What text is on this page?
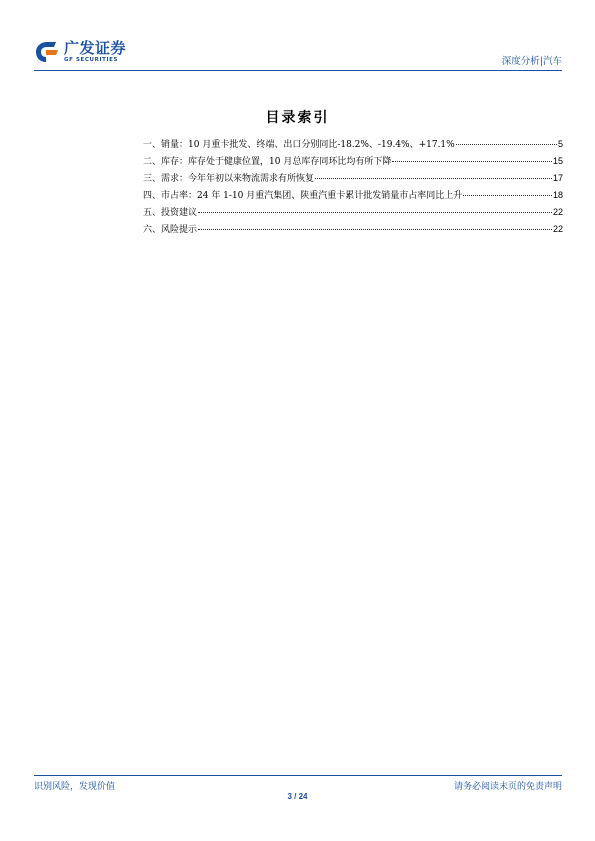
广发证券
GF SECURITIES	深度分析|汽车
目录索引
一、销量：10 月重卡批发、终端、出口分别同比-18.2%、-19.4%、+17.1%	5
二、库存：库存处于健康位置，10 月总库存同环比均有所下降	15
三、需求：今年年初以来物流需求有所恢复	17
四、市占率：24 年 1-10 月重汽集团、陕重汽重卡累计批发销量市占率同比上升	18
五、投资建议	22
六、风险提示	22
识别风险，发现价值	请务必阅读末页的免责声明
3 / 24
